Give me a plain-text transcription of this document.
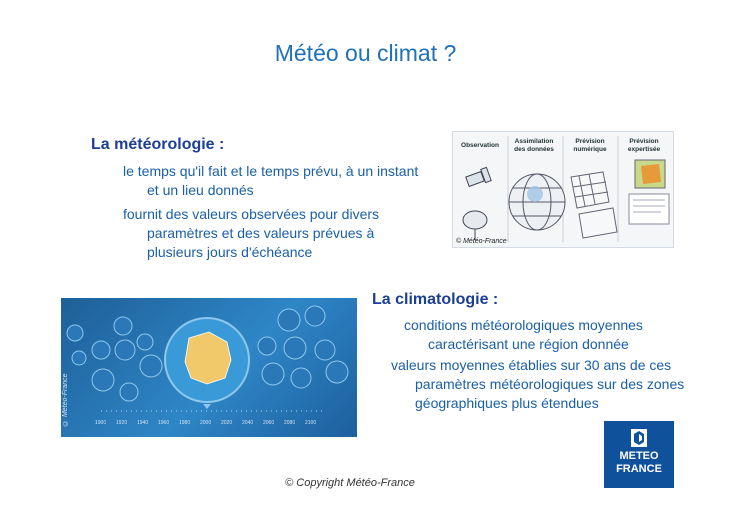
Météo ou climat ?
La météorologie :
le temps qu'il fait et le temps prévu, à un instant et un lieu donnés
fournit des valeurs observées pour divers paramètres et des valeurs prévues à plusieurs jours d'échéance
Observation
Assimilation des données
Prévision numérique
Prévision expertisée
© Météo-France
La climatologie :
conditions météorologiques moyennes caractérisant une région donnée
valeurs moyennes établies sur 30 ans de ces paramètres météorologiques sur des zones géographiques plus étendues
© Météo-France	1900 1920 1940 1960 1980 2000 2020 2040 2060 2080 2100
METEO
FRANCE
© Copyright Météo-France
